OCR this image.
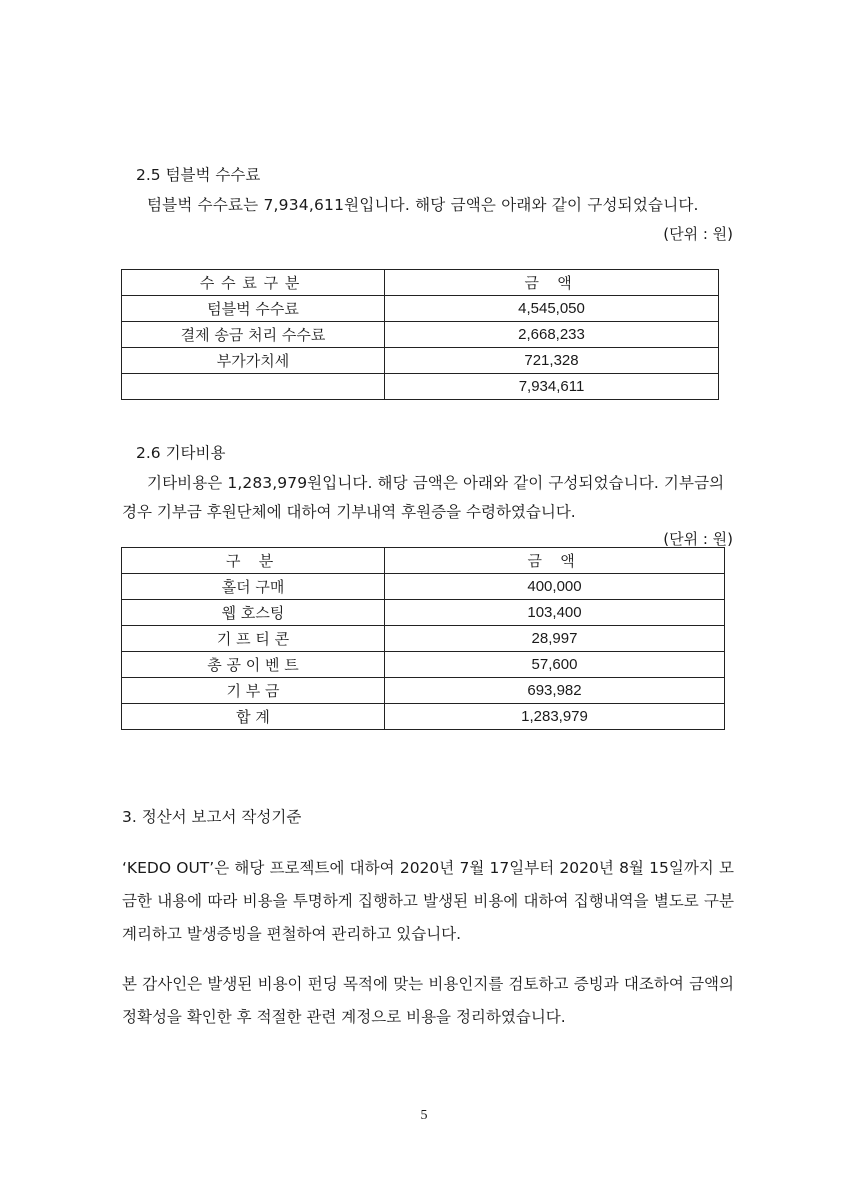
2.5 텀블벅 수수료
텀블벅 수수료는 7,934,611원입니다. 해당 금액은 아래와 같이 구성되었습니다.
(단위 : 원)
수수료구분	금 액
텀블벅 수수료	4,545,050
결제 송금 처리 수수료	2,668,233
부가가치세	721,328
	7,934,611
2.6 기타비용
기타비용은 1,283,979원입니다. 해당 금액은 아래와 같이 구성되었습니다. 기부금의
경우 기부금 후원단체에 대하여 기부내역 후원증을 수령하였습니다.
(단위 : 원)
구 분	금 액
홀더 구매	400,000
웹 호스팅	103,400
기 프 티 콘	28,997
총 공 이 벤 트	57,600
기 부 금	693,982
합 계	1,283,979
3. 정산서 보고서 작성기준
‘KEDO OUT’은 해당 프로젝트에 대하여 2020년 7월 17일부터 2020년 8월 15일까지 모금한 내용에 따라 비용을 투명하게 집행하고 발생된 비용에 대하여 집행내역을 별도로 구분 계리하고 발생증빙을 편철하여 관리하고 있습니다.
본 감사인은 발생된 비용이 펀딩 목적에 맞는 비용인지를 검토하고 증빙과 대조하여 금액의 정확성을 확인한 후 적절한 관련 계정으로 비용을 정리하였습니다.
5
